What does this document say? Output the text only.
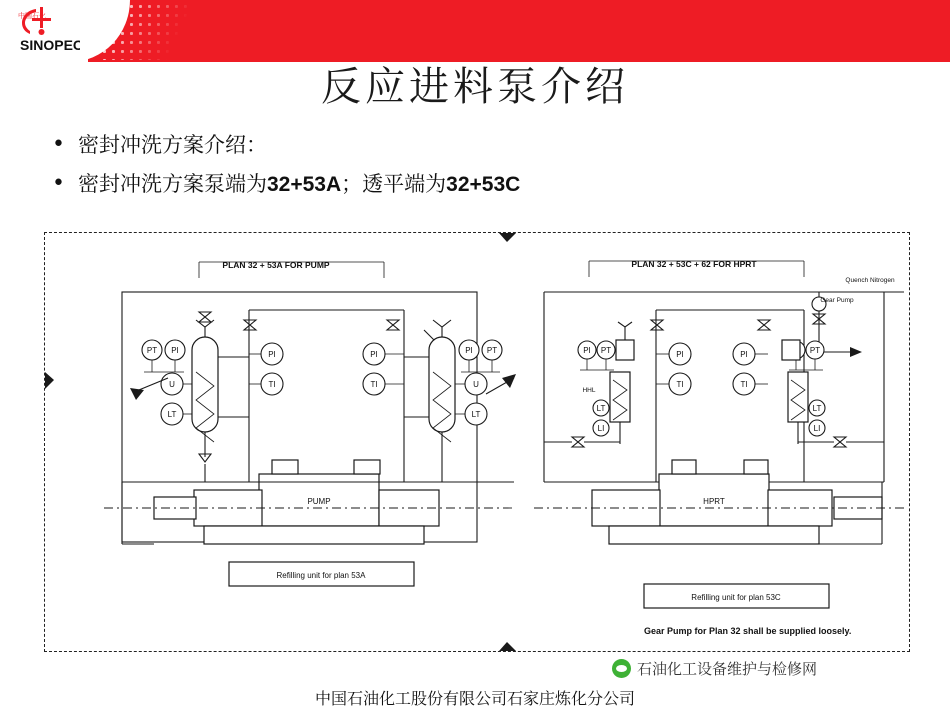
中国石化
SINOPEC
反应进料泵介绍
• 密封冲洗方案介绍：
• 密封冲洗方案泵端为32+53A；透平端为32+53C
PLAN 32 + 53A FOR PUMP	PLAN 32 + 53C + 62 FOR HPRT
PT PI
U
LT
PI
TI
PI
TI	U
LT
PI PT
PUMP
Refilling unit for plan 53A
Quench Nitrogen
Gear Pump
PI
TI
PI
TI
PI PT
LT
LI
HHL
PT
LT
LI
HPRT
Refilling unit for plan 53C
Gear Pump for Plan 32 shall be supplied loosely.
石油化工设备维护与检修网
中国石油化工股份有限公司石家庄炼化分公司
